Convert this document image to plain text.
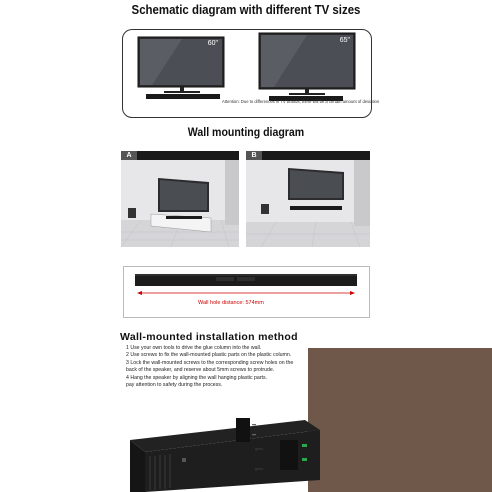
Schematic diagram with different TV sizes
60"	65"
Attention: Due to differences in TV brands, there will be a certain amount of deviation
Wall mounting diagram
A	B
Wall hole distance: 574mm
Wall-mounted installation method
1 Use your own tools to drive the glue column into the wall.
2 Use screws to fix the wall-mounted plastic parts on the plastic column.
3 Lock the wall-mounted screws to the corresponding screw holes on the
back of the speaker, and reserve about 5mm screws to protrude.
4 Hang the speaker by aligning the wall hanging plastic parts.
pay attention to safety during the process.
gasw
gasw
